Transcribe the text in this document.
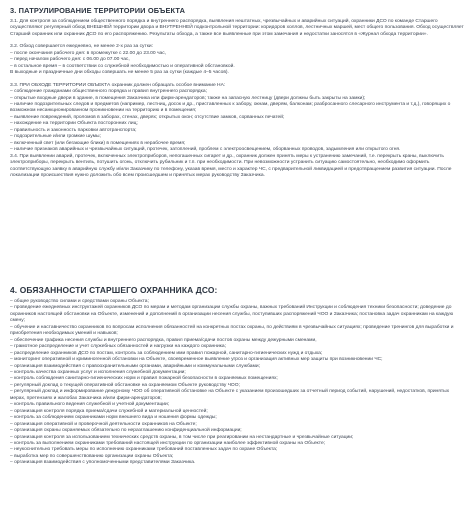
3. ПАТРУЛИРОВАНИЕ ТЕРРИТОРИИ ОБЪЕКТА

3.1. Для контроля за соблюдением общественного порядка и внутреннего распорядка, выявления нештатных, чрезвычайных и аварийных ситуаций, охранники ДСО по команде Старшего осуществляют регулярный обход ВНЕШНЕЙ территории двора и ВНУТРЕННЕЙ подконтрольной территории: коридоров холлов, лестничных маршей, мест общего пользования. Обход осуществляет Старший охранник или охранник ДСО по его распоряжению. Результаты обхода, а также все выявленные при этом замечания и недостатки заносятся в «Журнал обхода территории».

3.2. Обход совершается ежедневно, не менее 2-х раз за сутки:

– после окончания рабочего дня: в промежутке с 22.00 до 23.00 час,

– перед началом рабочего дня: с 06.00 до 07.00 час,

– в остальное время – в соответствии со служебной необходимостью и оперативной обстановкой.

В выходные и праздничные дни обходы совершать не менее 5 раз за сутки (каждые 4–5 часов).

3.3. ПРИ ОБХОДЕ ТЕРРИТОРИИ ОБЪЕКТА охранник должен обращать особое внимание НА:

– соблюдение гражданами общественного порядка и правил внутреннего распорядка;

– открытые входные двери в здание, в помещения Заказчика или фирм-арендаторов; также на запасную лестницу (двери должны быть закрыты на замки);

– наличие подозрительных следов и предметов (например, лестниц, досок и др., приставленных к забору, окнам, дверям, балконам; разбросанного слесарного инструмента и т.д.), говорящих о возможном несанкционированном проникновении на территорию и в помещения;

– выявление повреждений, проломов в заборах, стенах, дверях; открытых окон; отсутствие замков, сорванных печатей;

– нахождение на территории Объекта посторонних лиц;

– правильность и законность парковки автотранспорта;

– подозрительные и/или громкие шумы;

– включенный свет (или бегающие блики) в помещениях в нерабочее время;

– наличие признаков аварийных и чрезвычайных ситуаций, протечек, затоплений, проблем с электроосвещением, оборванных проводов, задымления или открытого огня.

3.4. При выявлении аварий, протечек, включенных электроприборов, непогашенных сигарет и др., охранник должен принять меры к устранению замечаний, т.е. перекрыть краны, выключить электроприборы, перекрыть вентиль, потушить огонь, отключить рубильник и т.п. при необходимости. При невозможности устранить ситуацию самостоятельно, необходимо оформить соответствующую заявку в аварийную службу и/или Заказчику по телефону, указав время, место и характер ЧС, с предварительной ликвидацией и предотвращением развития ситуации. После локализации происшествия нужно доложить обо всем происшедшем и принятых мерах руководству Заказчика.

4. ОБЯЗАННОСТИ СТАРШЕГО ОХРАННИКА ДСО:
– общее руководство силами и средствами охраны Объекта;
– проведение ежедневных инструктажей охранников ДСО по мерам и методам организации службы охраны, важных требований Инструкции и соблюдения техники безопасности; доведение до охранников настоящей обстановки на Объекте, изменений и дополнений в организации несения службы, поступивших распоряжений ЧОО и Заказчика; постановка задач охранникам на каждую смену;
– обучение и наставничество охранников по вопросам исполнения обязанностей на конкретных постах охраны, по действиям в чрезвычайных ситуациях; проведение тренингов для выработки и приобретения необходимых умений и навыков;
– обеспечение графика несения службы и внутреннего распорядка, правил приема/сдачи постов охраны между дежурными сменами,
– грамотное распределение и учет служебных обязанностей и нагрузки на каждого охранника;
– распределение охранников ДСО по постам, контроль за соблюдением ими правил пожарной, санитарно-гигиенических нужд и отдыха;
– мониторинг оперативной и криминогенной обстановки на Объекте, своевременное выявление угроз и организация активных мер защиты при возникновении ЧС;
– организация взаимодействия с правоохранительными органами, аварийными и коммунальными службами;
– контроль качества охранных услуг и исполнения служебной документации;
– контроль соблюдения санитарно-гигиенических норм и правил пожарной безопасности в охраняемых помещениях;
– регулярный доклад о текущей оперативной обстановке на охраняемом Объекте руководству ЧОО;
– регулярный доклад и информирование дежурному ЧОО об оперативной обстановке на Объекте с указанием произошедших за отчетный период событий, нарушений, недостатков, принятых мерах, претензиях и жалобах Заказчика и/или фирм-арендаторов;
– контроль правильного ведения служебной и учетной документации;
– организация контроля порядка приема/сдачи служебной и материальной ценностей;
– контроль за соблюдением охранниками норм внешнего вида и ношения формы одежды;
– организация оперативной и проверочной деятельности охранников на Объекте;
– организация охраны охраняемых обязательно по неразглашению конфиденциальной информации;
– организация контроля за использованием технических средств охраны, в том числе при реагировании на нестандартные и чрезвычайные ситуации;
– контроль за выполнением охранниками требований настоящей инструкции по организации наиболее эффективной охраны на Объекте;
– неукоснительно требовать меры по исполнению охранниками требований поставленных задач по охране Объекта;
– выработка мер по совершенствованию организации охраны Объекта;
– организация взаимодействия с уполномоченными представителями Заказчика.
